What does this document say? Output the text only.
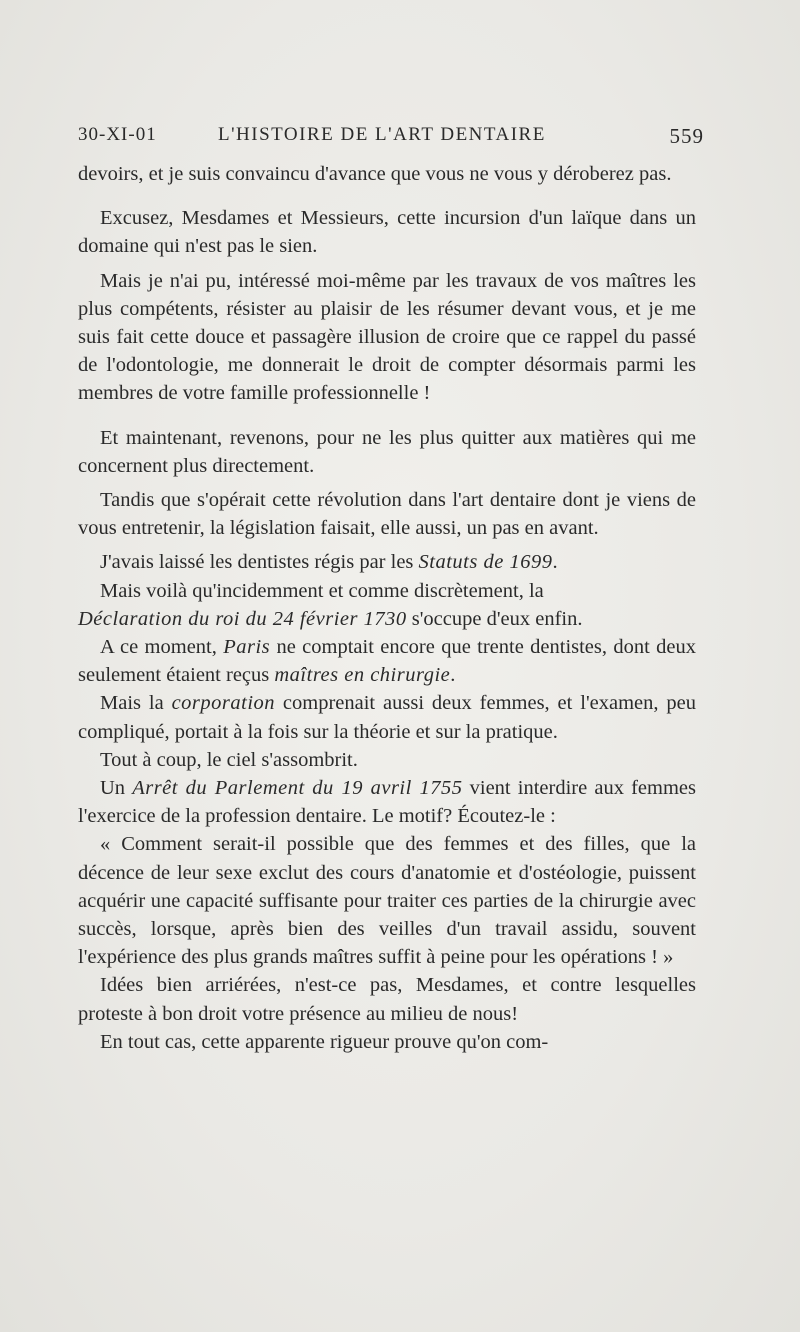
30-XI-01	L'HISTOIRE DE L'ART DENTAIRE	559

devoirs, et je suis convaincu d'avance que vous ne vous y déroberez pas.

Excusez, Mesdames et Messieurs, cette incursion d'un laïque dans un domaine qui n'est pas le sien.

Mais je n'ai pu, intéressé moi-même par les travaux de vos maîtres les plus compétents, résister au plaisir de les résumer devant vous, et je me suis fait cette douce et passagère illusion de croire que ce rappel du passé de l'odontologie, me donnerait le droit de compter désormais parmi les membres de votre famille professionnelle !

Et maintenant, revenons, pour ne les plus quitter aux matières qui me concernent plus directement.

Tandis que s'opérait cette révolution dans l'art dentaire dont je viens de vous entretenir, la législation faisait, elle aussi, un pas en avant.

J'avais laissé les dentistes régis par les Statuts de 1699.

Mais voilà qu'incidemment et comme discrètement, la

Déclaration du roi du 24 février 1730 s'occupe d'eux enfin.

A ce moment, Paris ne comptait encore que trente dentistes, dont deux seulement étaient reçus maîtres en chirurgie.

Mais la corporation comprenait aussi deux femmes, et l'examen, peu compliqué, portait à la fois sur la théorie et sur la pratique.

Tout à coup, le ciel s'assombrit.

Un Arrêt du Parlement du 19 avril 1755 vient interdire aux femmes l'exercice de la profession dentaire. Le motif? Écoutez-le :

« Comment serait-il possible que des femmes et des filles, que la décence de leur sexe exclut des cours d'anatomie et d'ostéologie, puissent acquérir une capacité suffisante pour traiter ces parties de la chirurgie avec succès, lorsque, après bien des veilles d'un travail assidu, souvent l'expérience des plus grands maîtres suffit à peine pour les opérations ! »

Idées bien arriérées, n'est-ce pas, Mesdames, et contre lesquelles proteste à bon droit votre présence au milieu de nous!

En tout cas, cette apparente rigueur prouve qu'on com-
